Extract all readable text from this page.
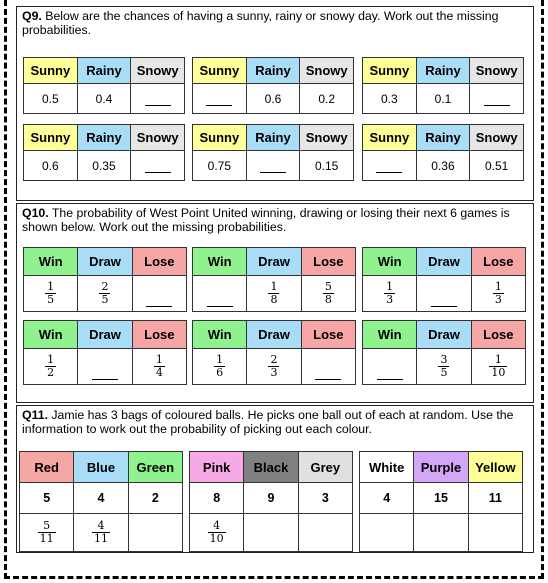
Q9. Below are the chances of having a sunny, rainy or snowy day. Work out the missing probabilities.
Q10. The probability of West Point United winning, drawing or losing their next 6 games is shown below. Work out the missing probabilities.
Q11. Jamie has 3 bags of coloured balls. He picks one ball out of each at random. Use the information to work out the probability of picking out each colour.
Sunny	Rainy	Snowy
0.5	0.4	
Sunny	Rainy	Snowy
	0.6	0.2
Sunny	Rainy	Snowy
0.3	0.1	
Sunny	Rainy	Snowy
0.6	0.35	
Sunny	Rainy	Snowy
0.75		0.15
Sunny	Rainy	Snowy
	0.36	0.51
Win	Draw	Lose

$\frac{1}{5}$	$\frac{2}{5}$

Win	Draw	Lose

	$\frac{1}{8}$	$\frac{5}{8}$
Win	Draw	Lose

$\frac{1}{3}$		$\frac{1}{3}$
Win	Draw	Lose

$\frac{1}{2}$		$\frac{1}{4}$
Win	Draw	Lose

$\frac{1}{6}$	$\frac{2}{3}$

Win	Draw	Lose

	$\frac{3}{5}$	$\frac{1}{10}$
Red	Blue	Green
5	4	2

$\frac{5}{11}$	$\frac{4}{11}$

Pink	Black	Grey
8	9	3

$\frac{4}{10}$

White	Purple	Yellow
4	15	11
